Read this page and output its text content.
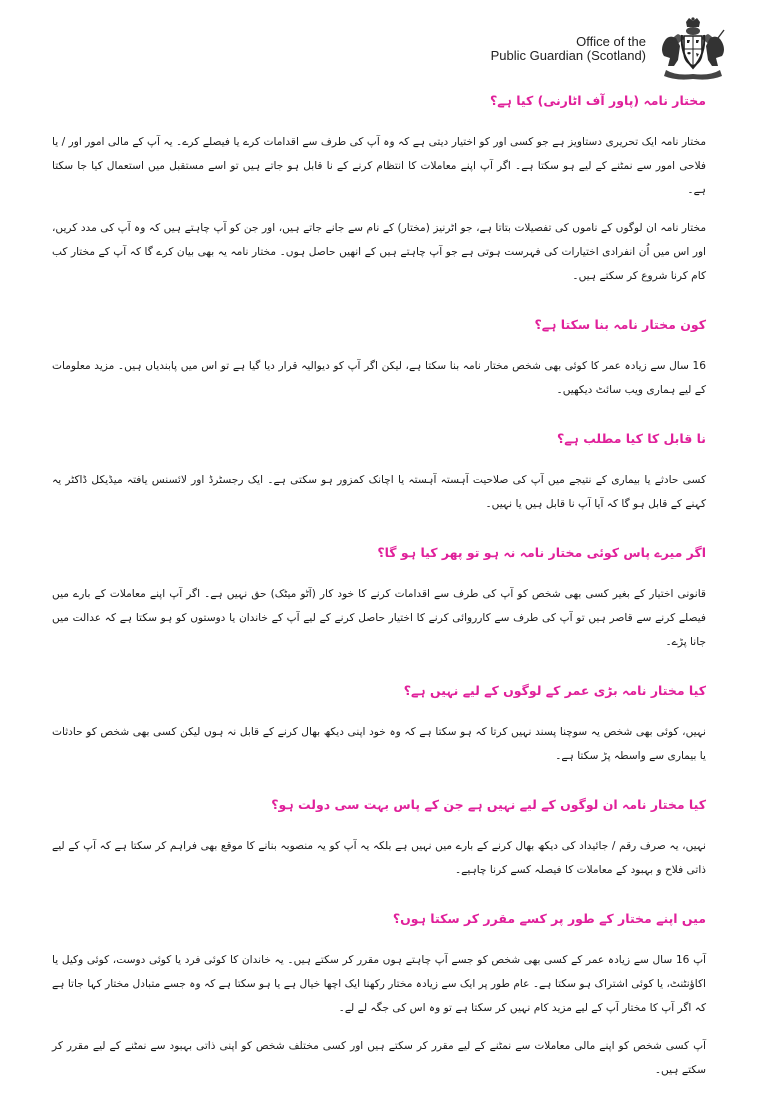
Office of the
Public Guardian (Scotland)
مختار نامہ (پاور آف اٹارنی) کیا ہے؟

مختار نامہ ایک تحریری دستاویز ہے جو کسی اور کو اختیار دیتی ہے کہ وہ آپ کی طرف سے اقدامات کرے یا فیصلے کرے۔ یہ آپ کے مالی امور اور / یا فلاحی امور سے نمٹنے کے لیے ہو سکتا ہے۔ اگر آپ اپنے معاملات کا انتظام کرنے کے نا قابل ہو جاتے ہیں تو اسے مستقبل میں استعمال کیا جا سکتا ہے۔

مختار نامہ ان لوگوں کے ناموں کی تفصیلات بتاتا ہے، جو اٹرنیز (مختار) کے نام سے جانے جاتے ہیں، اور جن کو آپ چاہتے ہیں کہ وہ آپ کی مدد کریں، اور اس میں اُن انفرادی اختیارات کی فہرست ہوتی ہے جو آپ چاہتے ہیں کے انھیں حاصل ہوں۔ مختار نامہ یہ بھی بیان کرے گا کہ آپ کے مختار کب کام کرنا شروع کر سکتے ہیں۔

کون مختار نامہ بنا سکتا ہے؟

16 سال سے زیادہ عمر کا کوئی بھی شخص مختار نامہ بنا سکتا ہے، لیکن اگر آپ کو دیوالیہ قرار دیا گیا ہے تو اس میں پابندیاں ہیں۔ مزید معلومات کے لیے ہماری ویب سائٹ دیکھیں۔

نا قابل کا کیا مطلب ہے؟

کسی حادثے یا بیماری کے نتیجے میں آپ کی صلاحیت آہستہ آہستہ یا اچانک کمزور ہو سکتی ہے۔ ایک رجسٹرڈ اور لائسنس یافتہ میڈیکل ڈاکٹر یہ کہنے کے قابل ہو گا کہ آیا آپ نا قابل ہیں یا نہیں۔

اگر میرے پاس کوئی مختار نامہ نہ ہو تو پھر کیا ہو گا؟

قانونی اختیار کے بغیر کسی بھی شخص کو آپ کی طرف سے اقدامات کرنے کا خود کار (آٹو میٹک) حق نہیں ہے۔ اگر آپ اپنے معاملات کے بارے میں فیصلے کرنے سے قاصر ہیں تو آپ کی طرف سے کارروائی کرنے کا اختیار حاصل کرنے کے لیے آپ کے خاندان یا دوستوں کو ہو سکتا ہے کہ عدالت میں جانا پڑے۔

کیا مختار نامہ بڑی عمر کے لوگوں کے لیے نہیں ہے؟

نہیں، کوئی بھی شخص یہ سوچنا پسند نہیں کرتا کہ ہو سکتا ہے کہ وہ خود اپنی دیکھ بھال کرنے کے قابل نہ ہوں لیکن کسی بھی شخص کو حادثات یا بیماری سے واسطہ پڑ سکتا ہے۔

کیا مختار نامہ ان لوگوں کے لیے نہیں ہے جن کے پاس بہت سی دولت ہو؟

نہیں، یہ صرف رقم / جائیداد کی دیکھ بھال کرنے کے بارے میں نہیں ہے بلکہ یہ آپ کو یہ منصوبہ بنانے کا موقع بھی فراہم کر سکتا ہے کہ آپ کے لیے ذاتی فلاح و بہبود کے معاملات کا فیصلہ کسے کرنا چاہیے۔

میں اپنے مختار کے طور پر کسے مقرر کر سکتا ہوں؟

آپ 16 سال سے زیادہ عمر کے کسی بھی شخص کو جسے آپ چاہتے ہوں مقرر کر سکتے ہیں۔ یہ خاندان کا کوئی فرد یا کوئی دوست، کوئی وکیل یا اکاؤنٹنٹ، یا کوئی اشتراک ہو سکتا ہے۔ عام طور پر ایک سے زیادہ مختار رکھنا ایک اچھا خیال ہے یا ہو سکتا ہے کہ وہ جسے متبادل مختار کہا جاتا ہے کہ اگر آپ کا مختار آپ کے لیے مزید کام نہیں کر سکتا ہے تو وہ اس کی جگہ لے لے۔

آپ کسی شخص کو اپنے مالی معاملات سے نمٹنے کے لیے مقرر کر سکتے ہیں اور کسی مختلف شخص کو اپنی ذاتی بہبود سے نمٹنے کے لیے مقرر کر سکتے ہیں۔
